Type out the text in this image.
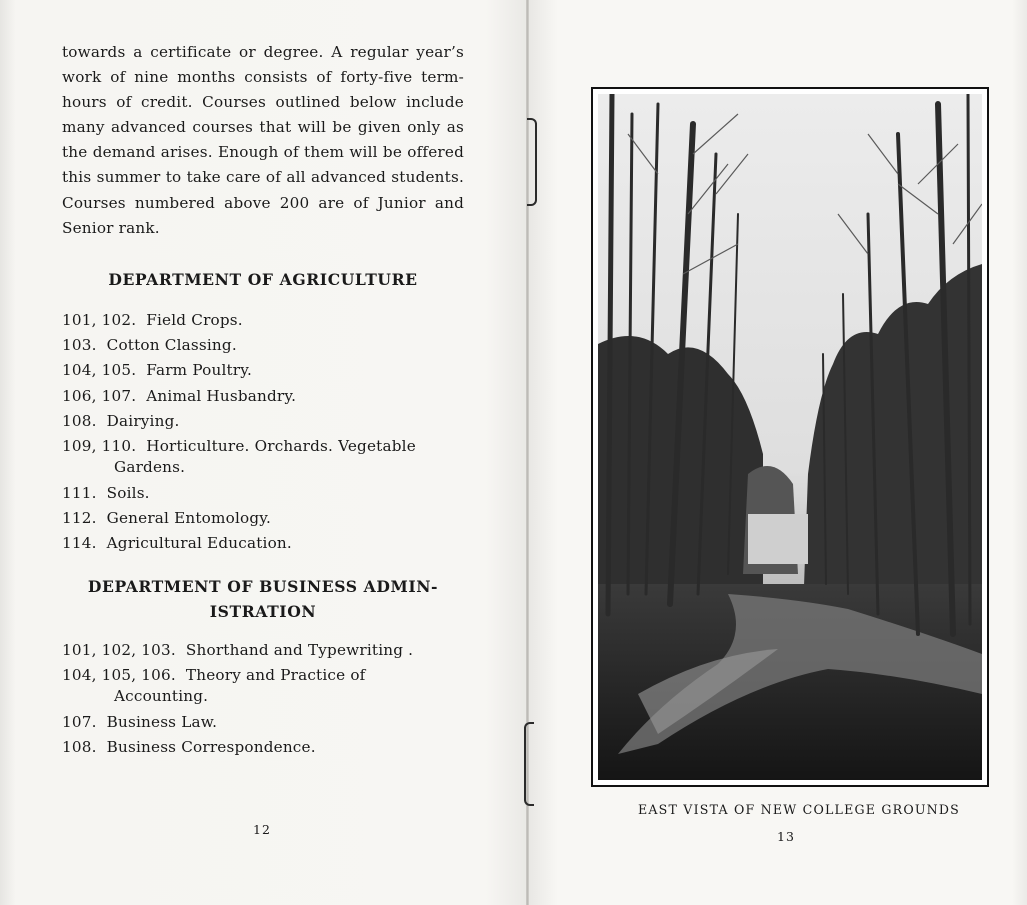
towards a certificate or degree. A regular year’s work of nine months consists of forty-five term-hours of credit. Courses outlined below include many advanced courses that will be given only as the demand arises. Enough of them will be offered this summer to take care of all advanced students. Courses numbered above 200 are of Junior and Senior rank.

DEPARTMENT OF AGRICULTURE
101, 102. Field Crops.
103. Cotton Classing.
104, 105. Farm Poultry.
106, 107. Animal Husbandry.
108. Dairying.
109, 110. Horticulture. Orchards. Vegetable Gardens.
111. Soils.
112. General Entomology.
114. Agricultural Education.
DEPARTMENT OF BUSINESS ADMIN-
ISTRATION
101, 102, 103. Shorthand and Typewriting .
104, 105, 106. Theory and Practice of Accounting.
107. Business Law.
108. Business Correspondence.
12
EAST VISTA OF NEW COLLEGE GROUNDS
13
